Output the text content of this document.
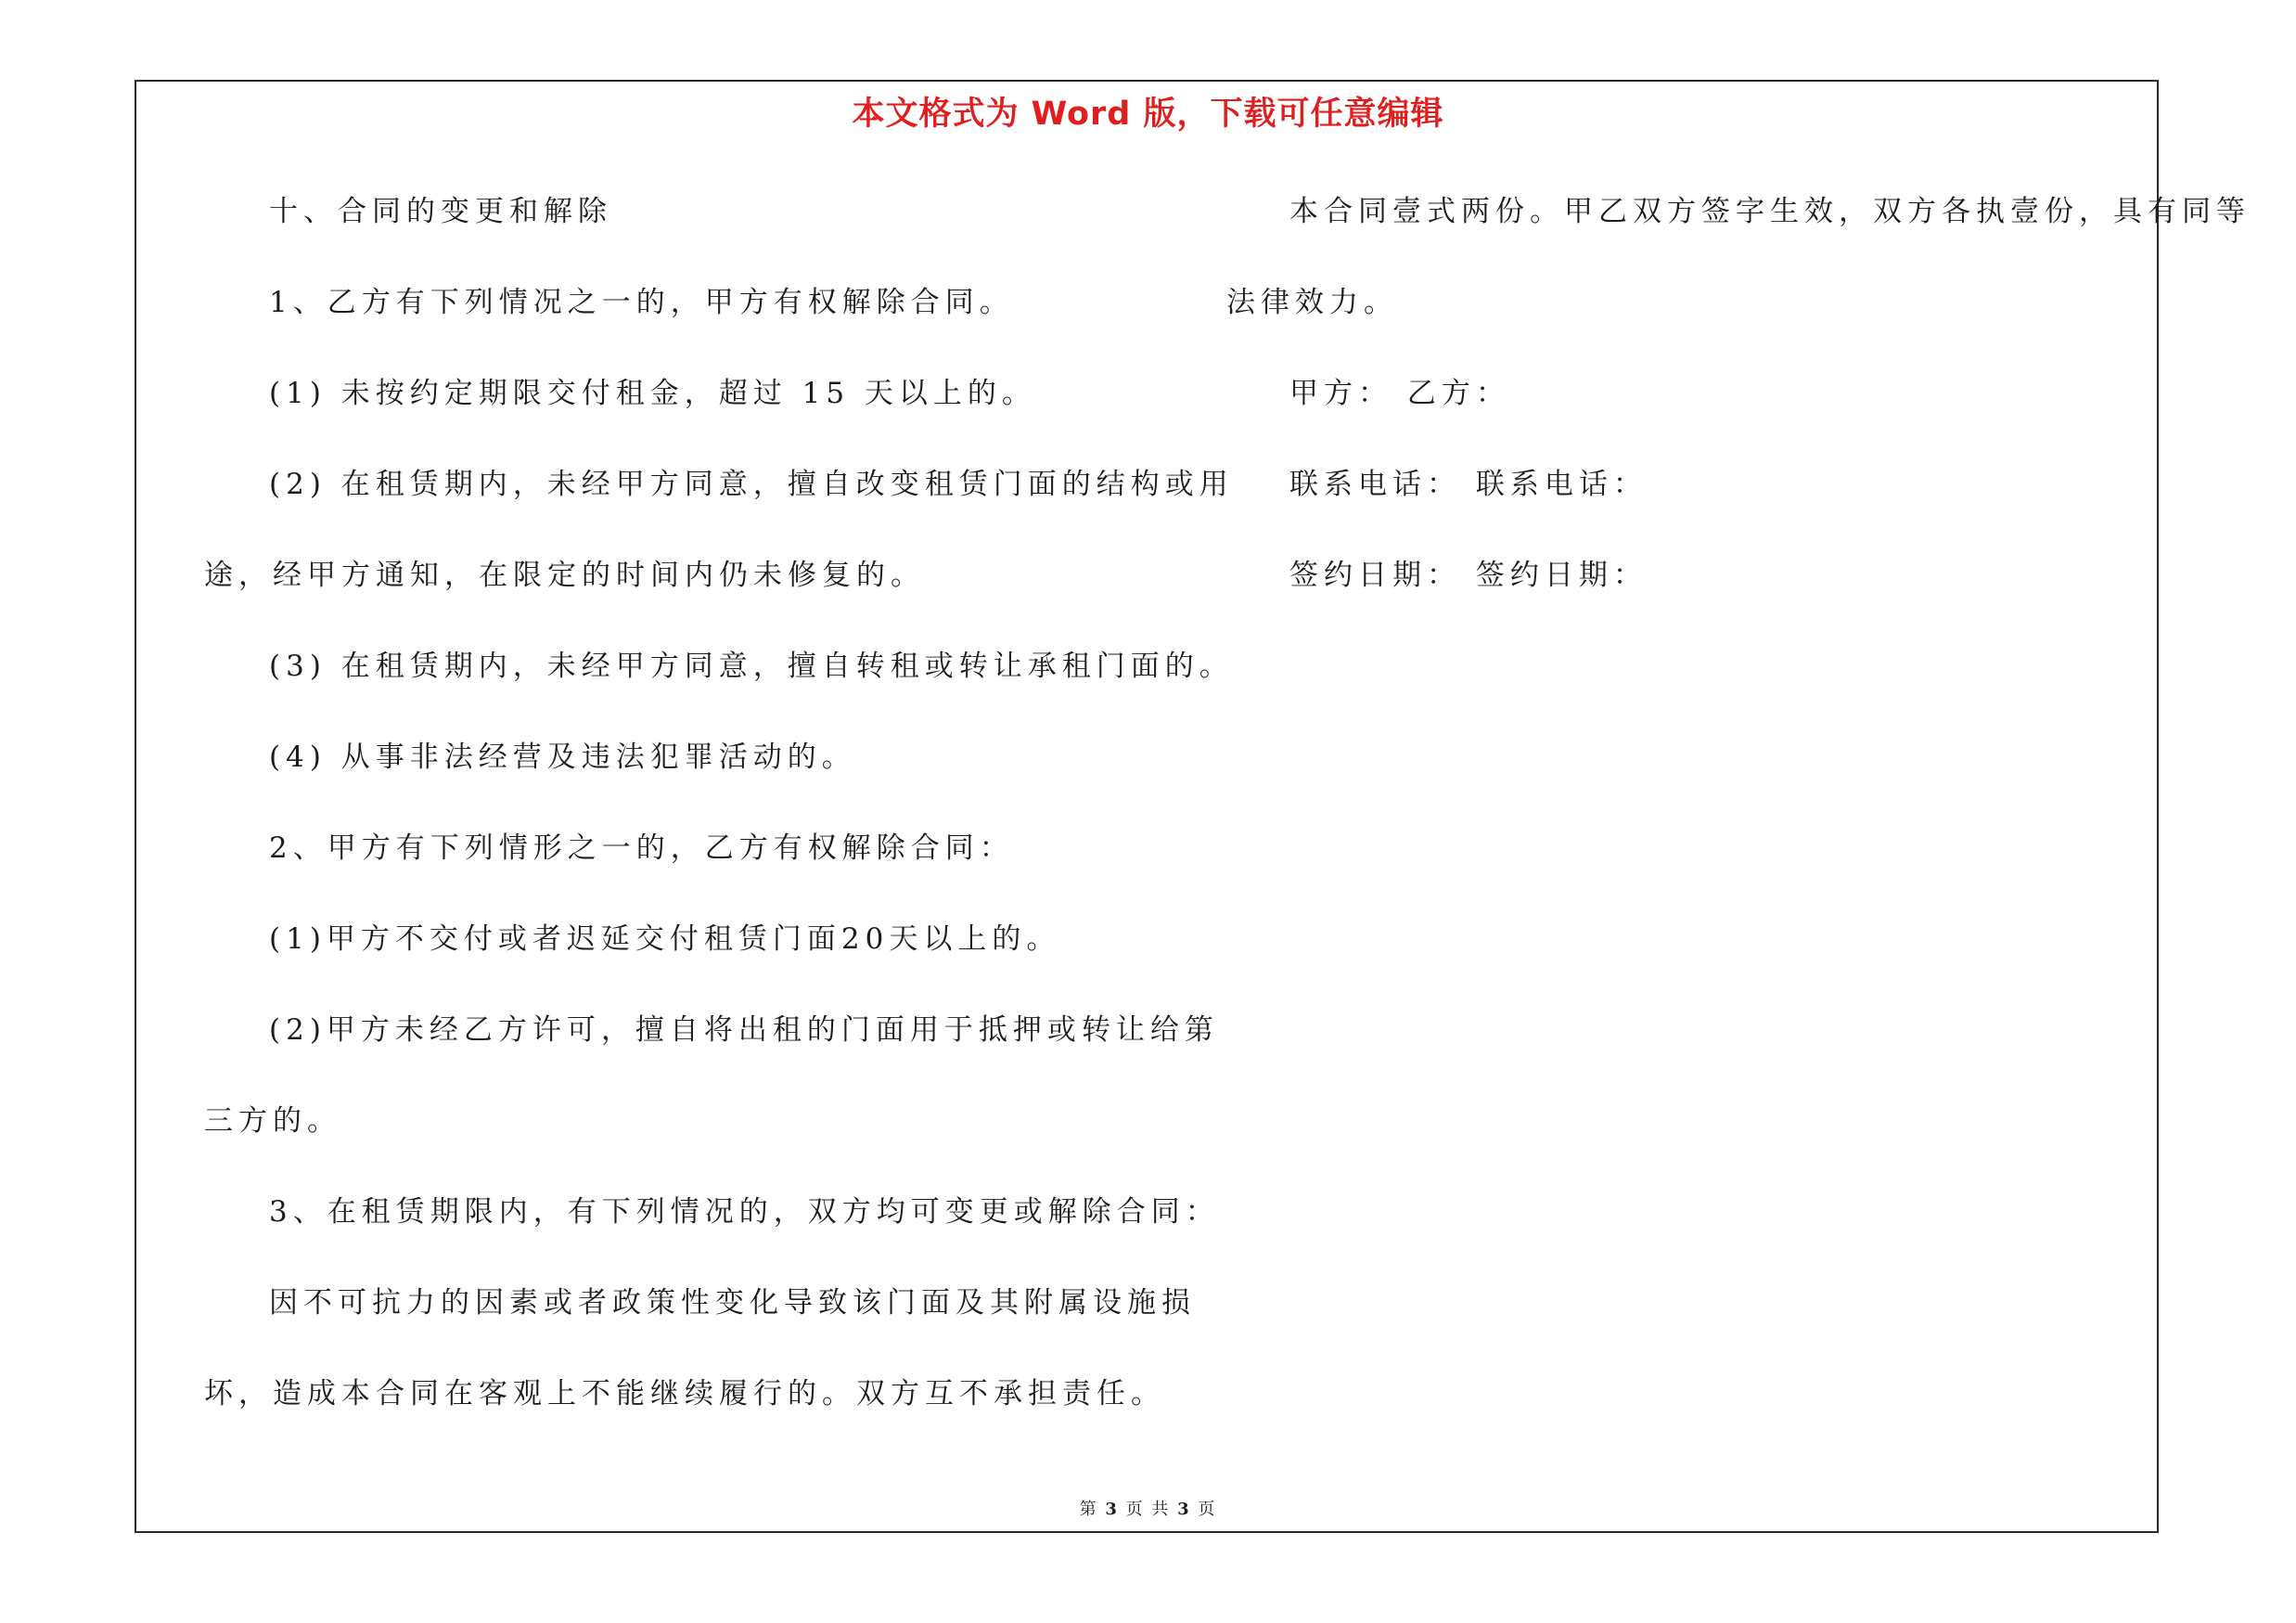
本文格式为 Word 版，下载可任意编辑
十、合同的变更和解除
1、乙方有下列情况之一的，甲方有权解除合同。
(1) 未按约定期限交付租金，超过 15 天以上的。
(2) 在租赁期内，未经甲方同意，擅自改变租赁门面的结构或用
途，经甲方通知，在限定的时间内仍未修复的。
(3) 在租赁期内，未经甲方同意，擅自转租或转让承租门面的。
(4) 从事非法经营及违法犯罪活动的。
2、甲方有下列情形之一的，乙方有权解除合同：
(1)甲方不交付或者迟延交付租赁门面20天以上的。
(2)甲方未经乙方许可，擅自将出租的门面用于抵押或转让给第
三方的。
3、在租赁期限内，有下列情况的，双方均可变更或解除合同：
因不可抗力的因素或者政策性变化导致该门面及其附属设施损
坏，造成本合同在客观上不能继续履行的。双方互不承担责任。
本合同壹式两份。甲乙双方签字生效，双方各执壹份，具有同等
法律效力。
甲方： 乙方：
联系电话： 联系电话：
签约日期： 签约日期：
第 3 页 共 3 页
